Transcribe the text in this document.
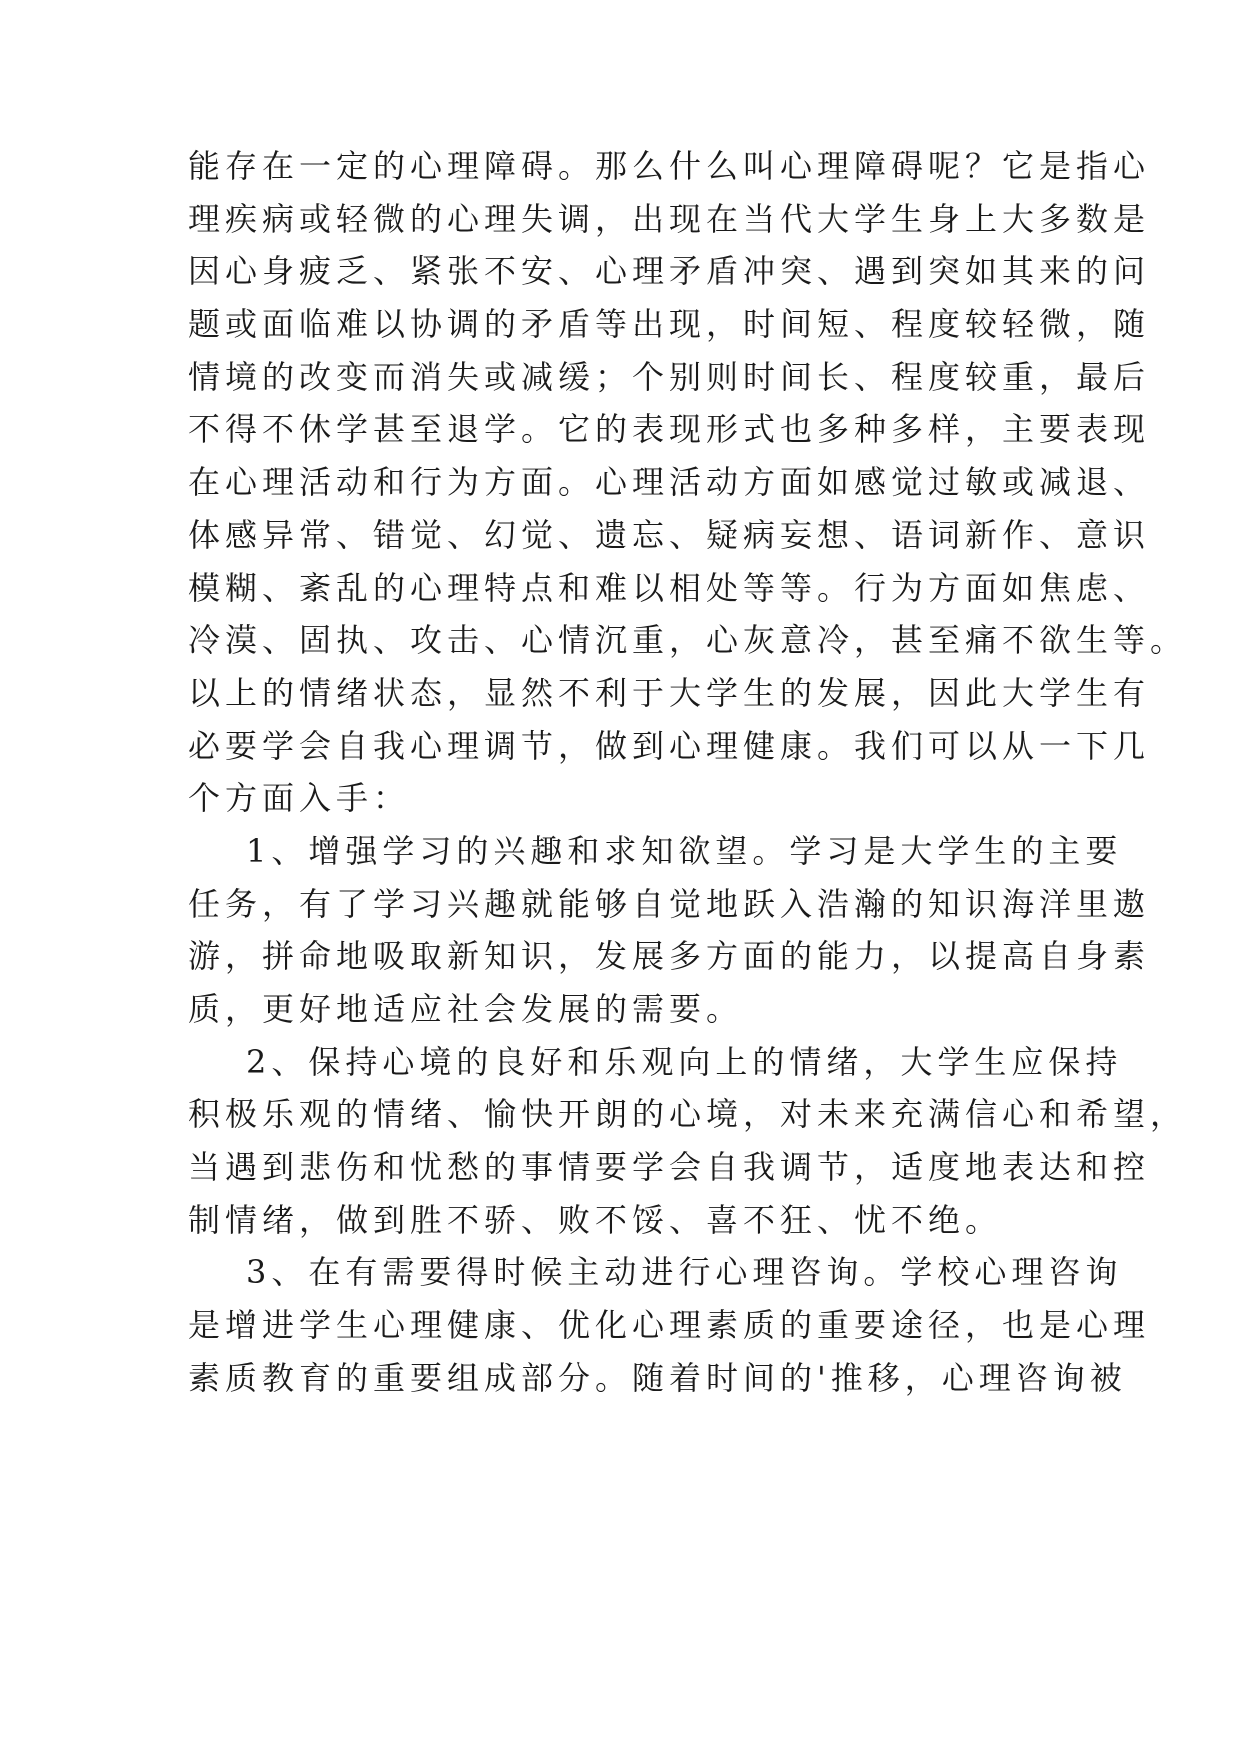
能存在一定的心理障碍。那么什么叫心理障碍呢？它是指心
理疾病或轻微的心理失调，出现在当代大学生身上大多数是
因心身疲乏、紧张不安、心理矛盾冲突、遇到突如其来的问
题或面临难以协调的矛盾等出现，时间短、程度较轻微，随
情境的改变而消失或减缓；个别则时间长、程度较重，最后
不得不休学甚至退学。它的表现形式也多种多样，主要表现
在心理活动和行为方面。心理活动方面如感觉过敏或减退、
体感异常、错觉、幻觉、遗忘、疑病妄想、语词新作、意识
模糊、紊乱的心理特点和难以相处等等。行为方面如焦虑、
冷漠、固执、攻击、心情沉重，心灰意冷，甚至痛不欲生等。
以上的情绪状态，显然不利于大学生的发展，因此大学生有
必要学会自我心理调节，做到心理健康。我们可以从一下几
个方面入手：
1、增强学习的兴趣和求知欲望。学习是大学生的主要
任务，有了学习兴趣就能够自觉地跃入浩瀚的知识海洋里遨
游，拼命地吸取新知识，发展多方面的能力，以提高自身素
质，更好地适应社会发展的需要。
2、保持心境的良好和乐观向上的情绪，大学生应保持
积极乐观的情绪、愉快开朗的心境，对未来充满信心和希望，
当遇到悲伤和忧愁的事情要学会自我调节，适度地表达和控
制情绪，做到胜不骄、败不馁、喜不狂、忧不绝。
3、在有需要得时候主动进行心理咨询。学校心理咨询
是增进学生心理健康、优化心理素质的重要途径，也是心理
素质教育的重要组成部分。随着时间的'推移，心理咨询被
